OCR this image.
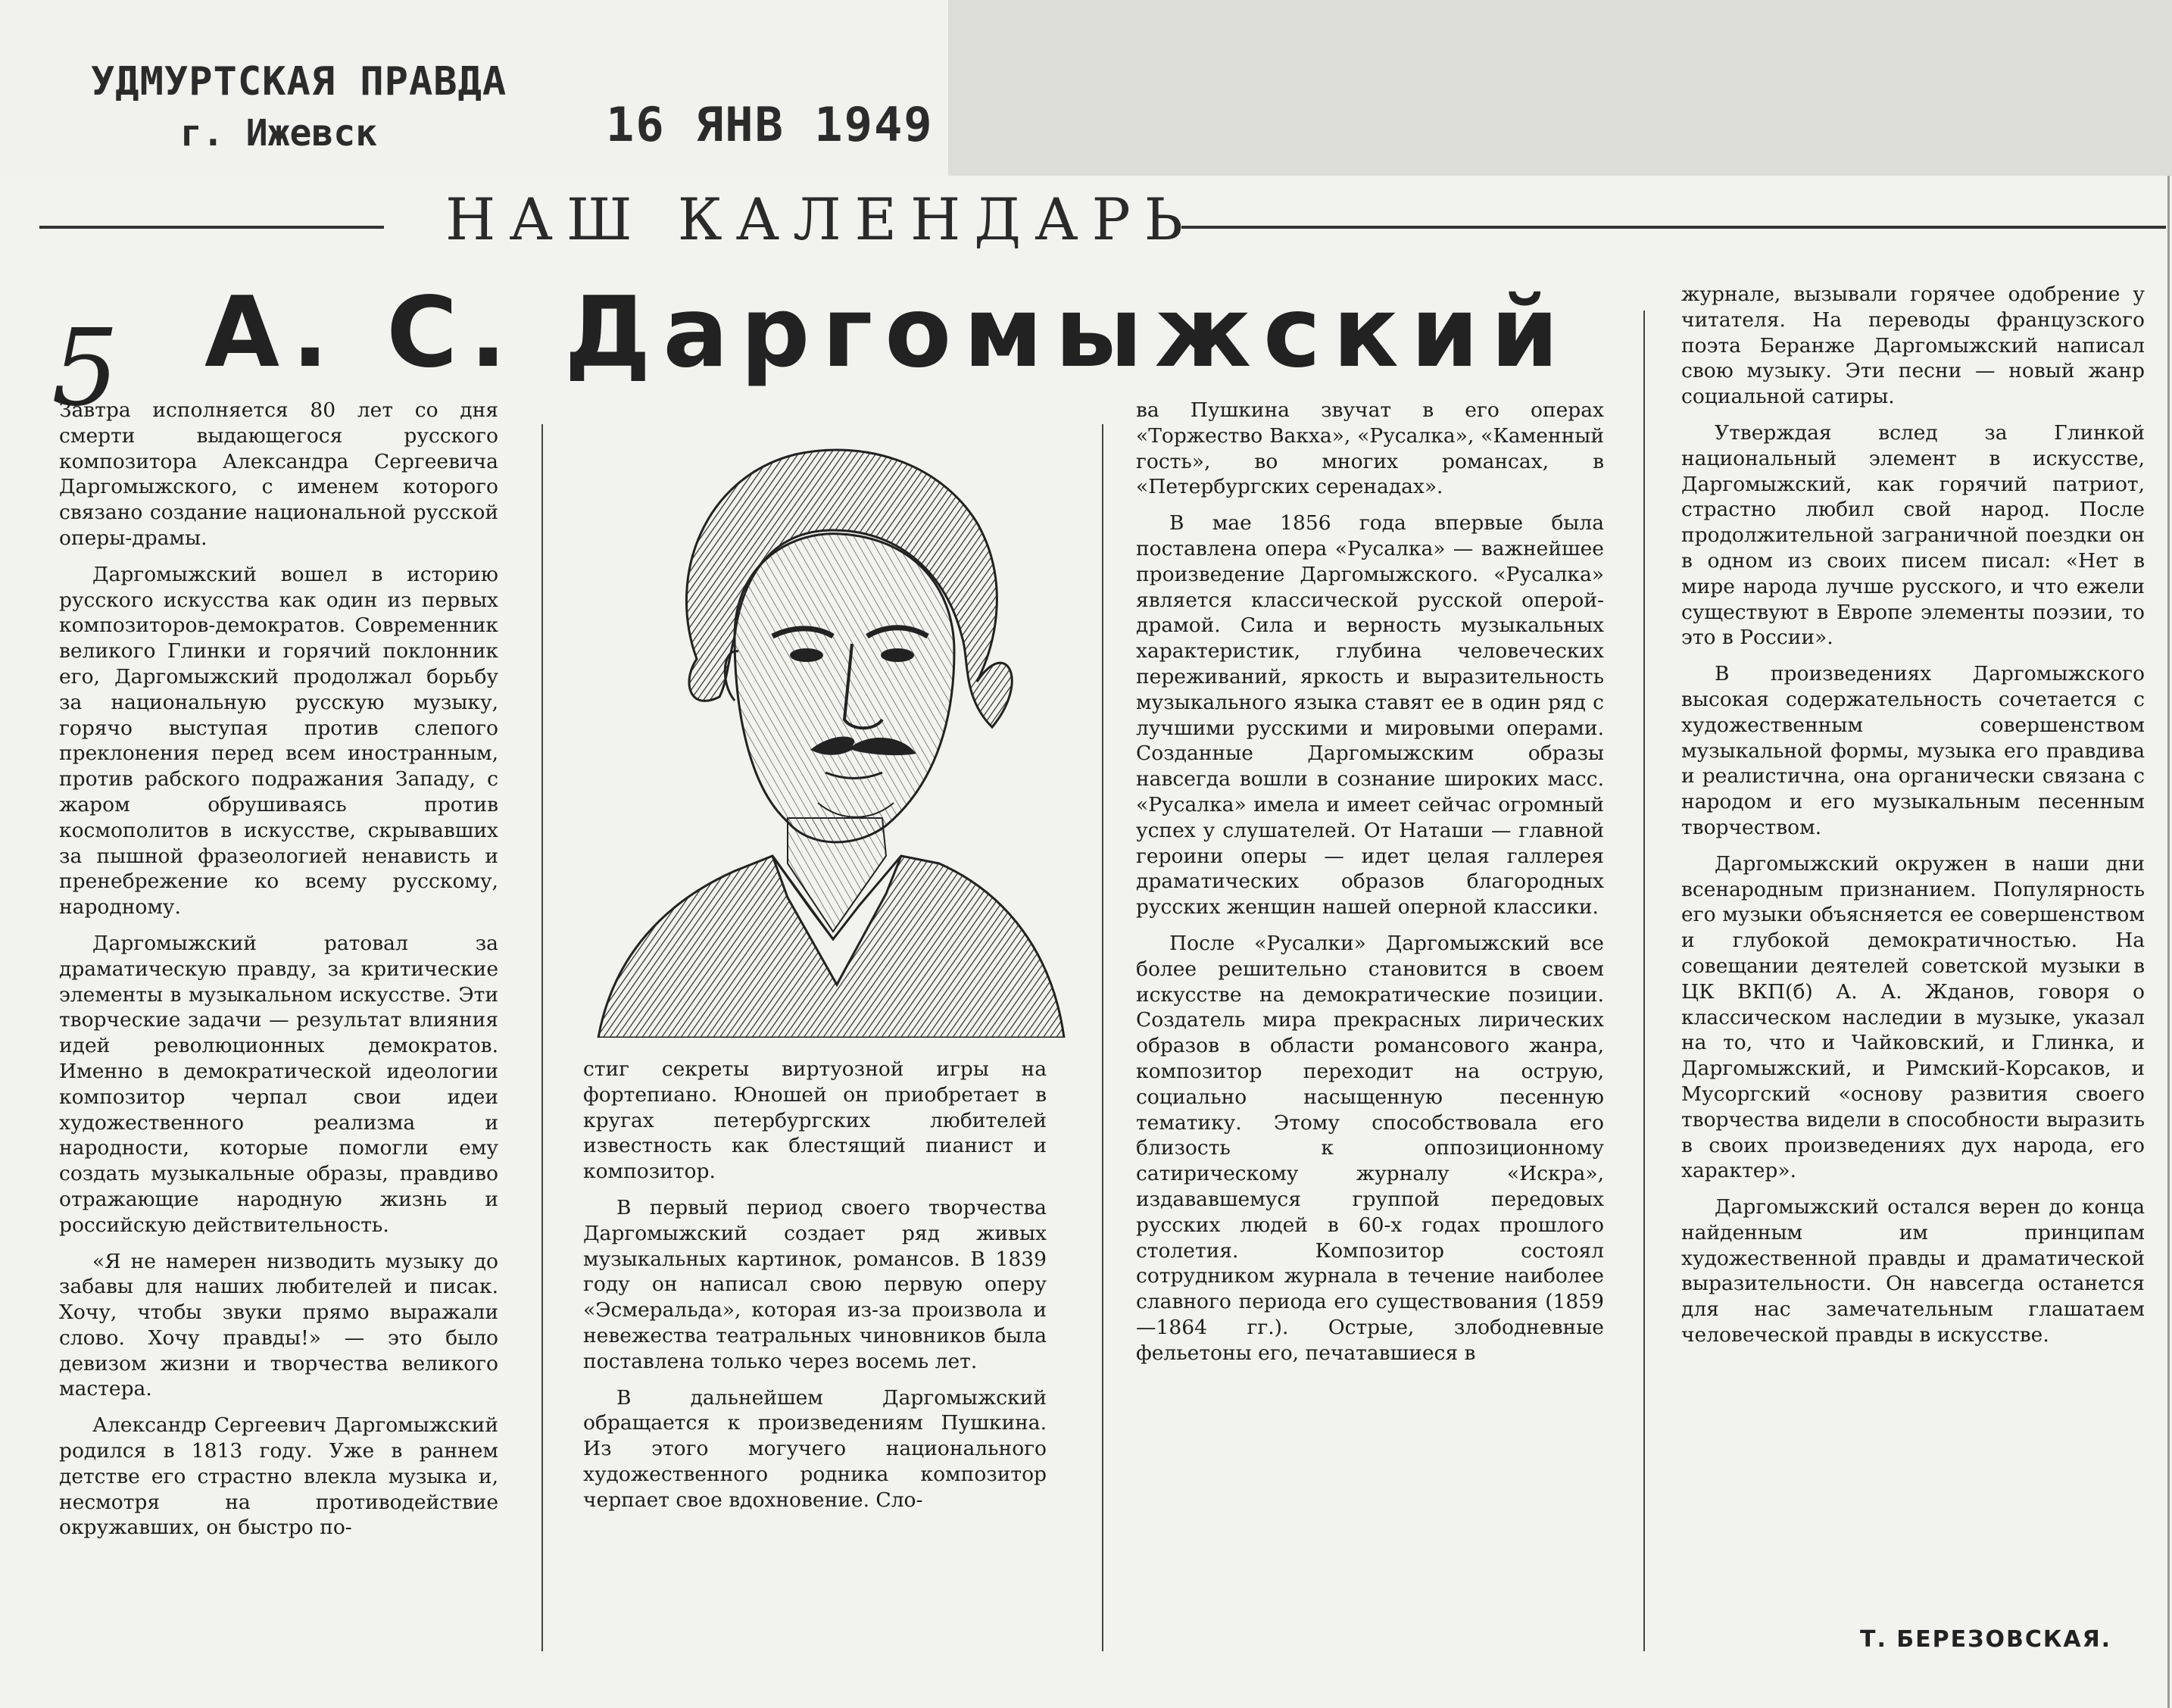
УДМУРТСКАЯ ПРАВДА
г. Ижевск	16 ЯНВ 1949
НАШ КАЛЕНДАРЬ
5 А. С. Даргомыжский

Завтра исполняется 80 лет со дня смерти выдающегося русского композитора Александра Сергеевича Даргомыжского, с именем которого связано создание национальной русской оперы-драмы.

Даргомыжский вошел в историю русского искусства как один из первых композиторов-демократов. Современник великого Глинки и горячий поклонник его, Даргомыжский продолжал борьбу за национальную русскую музыку, горячо выступая против слепого преклонения перед всем иностранным, против рабского подражания Западу, с жаром обрушиваясь против космополитов в искусстве, скрывавших за пышной фразеологией ненависть и пренебрежение ко всему русскому, народному.

Даргомыжский ратовал за драматическую правду, за критические элементы в музыкальном искусстве. Эти творческие задачи — результат влияния идей революционных демократов. Именно в демократической идеологии композитор черпал свои идеи художественного реализма и народности, которые помогли ему создать музыкальные образы, правдиво отражающие народную жизнь и российскую действительность.

«Я не намерен низводить музыку до забавы для наших любителей и писак. Хочу, чтобы звуки прямо выражали слово. Хочу правды!» — это было девизом жизни и творчества великого мастера.

Александр Сергеевич Даргомыжский родился в 1813 году. Уже в раннем детстве его страстно влекла музыка и, несмотря на противодействие окружавших, он быстро по-

стиг секреты виртуозной игры на фортепиано. Юношей он приобретает в кругах петербургских любителей известность как блестящий пианист и композитор.

В первый период своего творчества Даргомыжский создает ряд живых музыкальных картинок, романсов. В 1839 году он написал свою первую оперу «Эсмеральда», которая из-за произвола и невежества театральных чиновников была поставлена только через восемь лет.

В дальнейшем Даргомыжский обращается к произведениям Пушкина. Из этого могучего национального художественного родника композитор черпает свое вдохновение. Сло-

ва Пушкина звучат в его операх «Торжество Вакха», «Русалка», «Каменный гость», во многих романсах, в «Петербургских серенадах».

В мае 1856 года впервые была поставлена опера «Русалка» — важнейшее произведение Даргомыжского. «Русалка» является классической русской оперой-драмой. Сила и верность музыкальных характеристик, глубина человеческих переживаний, яркость и выразительность музыкального языка ставят ее в один ряд с лучшими русскими и мировыми операми. Созданные Даргомыжским образы навсегда вошли в сознание широких масс. «Русалка» имела и имеет сейчас огромный успех у слушателей. От Наташи — главной героини оперы — идет целая галлерея драматических образов благородных русских женщин нашей оперной классики.

После «Русалки» Даргомыжский все более решительно становится в своем искусстве на демократические позиции. Создатель мира прекрасных лирических образов в области романсового жанра, композитор переходит на острую, социально насыщенную песенную тематику. Этому способствовала его близость к оппозиционному сатирическому журналу «Искра», издававшемуся группой передовых русских людей в 60-х годах прошлого столетия. Композитор состоял сотрудником журнала в течение наиболее славного периода его существования (1859—1864 гг.). Острые, злободневные фельетоны его, печатавшиеся в

журнале, вызывали горячее одобрение у читателя. На переводы французского поэта Беранже Даргомыжский написал свою музыку. Эти песни — новый жанр социальной сатиры.

Утверждая вслед за Глинкой национальный элемент в искусстве, Даргомыжский, как горячий патриот, страстно любил свой народ. После продолжительной заграничной поездки он в одном из своих писем писал: «Нет в мире народа лучше русского, и что ежели существуют в Европе элементы поэзии, то это в России».

В произведениях Даргомыжского высокая содержательность сочетается с художественным совершенством музыкальной формы, музыка его правдива и реалистична, она органически связана с народом и его музыкальным песенным творчеством.

Даргомыжский окружен в наши дни всенародным признанием. Популярность его музыки объясняется ее совершенством и глубокой демократичностью. На совещании деятелей советской музыки в ЦК ВКП(б) А. А. Жданов, говоря о классическом наследии в музыке, указал на то, что и Чайковский, и Глинка, и Даргомыжский, и Римский-Корсаков, и Мусоргский «основу развития своего творчества видели в способности выразить в своих произведениях дух народа, его характер».

Даргомыжский остался верен до конца найденным им принципам художественной правды и драматической выразительности. Он навсегда останется для нас замечательным глашатаем человеческой правды в искусстве.

Т. БЕРЕЗОВСКАЯ.
